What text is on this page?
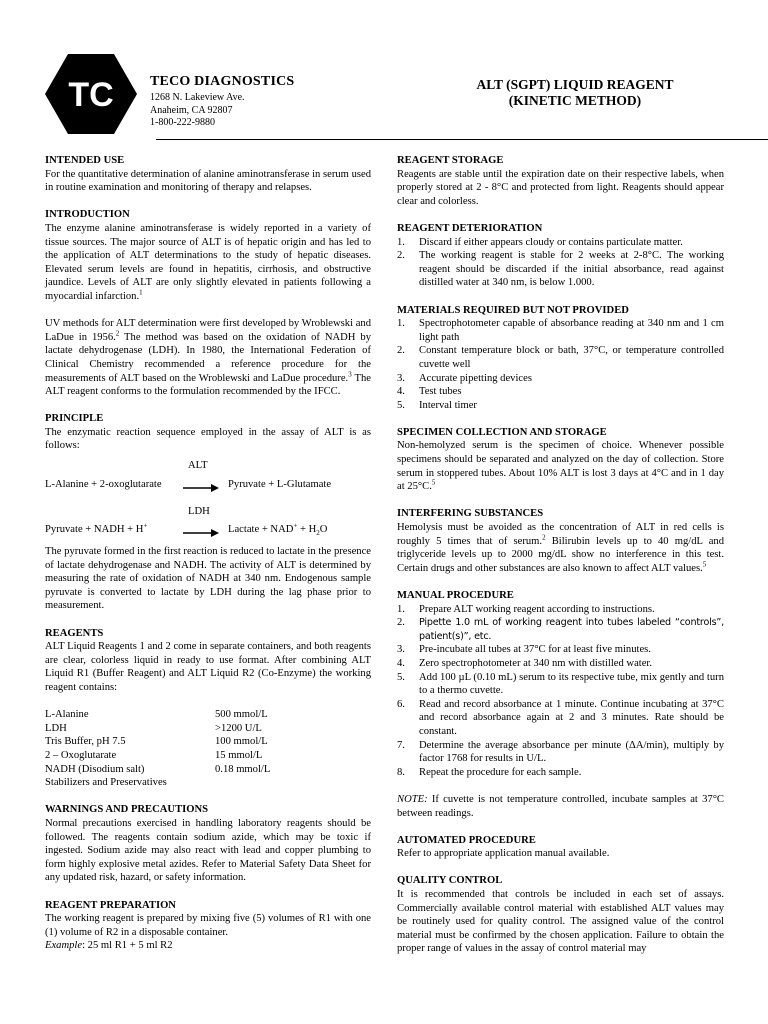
TC	TECO DIAGNOSTICS
1268 N. Lakeview Ave.
Anaheim, CA 92807
1-800-222-9880
ALT (SGPT) LIQUID REAGENT
(KINETIC METHOD)
INTENDED USE

For the quantitative determination of alanine aminotransferase in serum used in routine examination and monitoring of therapy and relapses.

INTRODUCTION

The enzyme alanine aminotransferase is widely reported in a variety of tissue sources. The major source of ALT is of hepatic origin and has led to the application of ALT determinations to the study of hepatic diseases. Elevated serum levels are found in hepatitis, cirrhosis, and obstructive jaundice. Levels of ALT are only slightly elevated in patients following a myocardial infarction.$^1$

UV methods for ALT determination were first developed by Wroblewski and LaDue in 1956.$^2$ The method was based on the oxidation of NADH by lactate dehydrogenase (LDH). In 1980, the International Federation of Clinical Chemistry recommended a reference procedure for the measurements of ALT based on the Wroblewski and LaDue procedure.$^3$ The ALT reagent conforms to the formulation recommended by the IFCC.

PRINCIPLE

The enzymatic reaction sequence employed in the assay of ALT is as follows:

ALT
L-Alanine + 2-oxoglutarate → Pyruvate + L-Glutamate
LDH
Pyruvate + NADH + H+ → Lactate + $NAD^+ + H_2O$

The pyruvate formed in the first reaction is reduced to lactate in the presence of lactate dehydrogenase and NADH. The activity of ALT is determined by measuring the rate of oxidation of NADH at 340 nm. Endogenous sample pyruvate is converted to lactate by LDH during the lag phase prior to measurement.

REAGENTS

ALT Liquid Reagents 1 and 2 come in separate containers, and both reagents are clear, colorless liquid in ready to use format. After combining ALT Liquid R1 (Buffer Reagent) and ALT Liquid R2 (Co-Enzyme) the working reagent contains:

L-Alanine	500 mmol/L
LDH	>1200 U/L
Tris Buffer, pH 7.5	100 mmol/L
2 – Oxoglutarate	15 mmol/L
NADH (Disodium salt)	0.18 mmol/L
Stabilizers and Preservatives	
WARNINGS AND PRECAUTIONS

Normal precautions exercised in handling laboratory reagents should be followed. The reagents contain sodium azide, which may be toxic if ingested. Sodium azide may also react with lead and copper plumbing to form highly explosive metal azides. Refer to Material Safety Data Sheet for any updated risk, hazard, or safety information.

REAGENT PREPARATION

The working reagent is prepared by mixing five (5) volumes of R1 with one (1) volume of R2 in a disposable container.

Example: 25 ml R1 + 5 ml R2

REAGENT STORAGE

Reagents are stable until the expiration date on their respective labels, when properly stored at 2 - 8°C and protected from light. Reagents should appear clear and colorless.

REAGENT DETERIORATION
1. Discard if either appears cloudy or contains particulate matter.
2. The working reagent is stable for 2 weeks at 2-8°C. The working reagent should be discarded if the initial absorbance, read against distilled water at 340 nm, is below 1.000.
MATERIALS REQUIRED BUT NOT PROVIDED
1. Spectrophotometer capable of absorbance reading at 340 nm and 1 cm light path
2. Constant temperature block or bath, 37°C, or temperature controlled cuvette well
3. Accurate pipetting devices
4. Test tubes
5. Interval timer
SPECIMEN COLLECTION AND STORAGE

Non-hemolyzed serum is the specimen of choice. Whenever possible specimens should be separated and analyzed on the day of collection. Store serum in stoppered tubes. About 10% ALT is lost 3 days at 4°C and in 1 day at 25°C.$^5$

INTERFERING SUBSTANCES

Hemolysis must be avoided as the concentration of ALT in red cells is roughly 5 times that of serum.$^2$ Bilirubin levels up to 40 mg/dL and triglyceride levels up to 2000 mg/dL show no interference in this test. Certain drugs and other substances are also known to affect ALT values.$^5$

MANUAL PROCEDURE
1. Prepare ALT working reagent according to instructions.
2. Pipette 1.0 mL of working reagent into tubes labeled “controls”, patient(s)”, etc.
3. Pre-incubate all tubes at 37°C for at least five minutes.
4. Zero spectrophotometer at 340 nm with distilled water.
5. Add 100 µL (0.10 mL) serum to its respective tube, mix gently and turn to a thermo cuvette.
6. Read and record absorbance at 1 minute. Continue incubating at 37°C and record absorbance again at 2 and 3 minutes. Rate should be constant.
7. Determine the average absorbance per minute (ΔA/min), multiply by factor 1768 for results in U/L.
8. Repeat the procedure for each sample.

NOTE: If cuvette is not temperature controlled, incubate samples at 37°C between readings.

AUTOMATED PROCEDURE

Refer to appropriate application manual available.

QUALITY CONTROL

It is recommended that controls be included in each set of assays. Commercially available control material with established ALT values may be routinely used for quality control. The assigned value of the control material must be confirmed by the chosen application. Failure to obtain the proper range of values in the assay of control material may
